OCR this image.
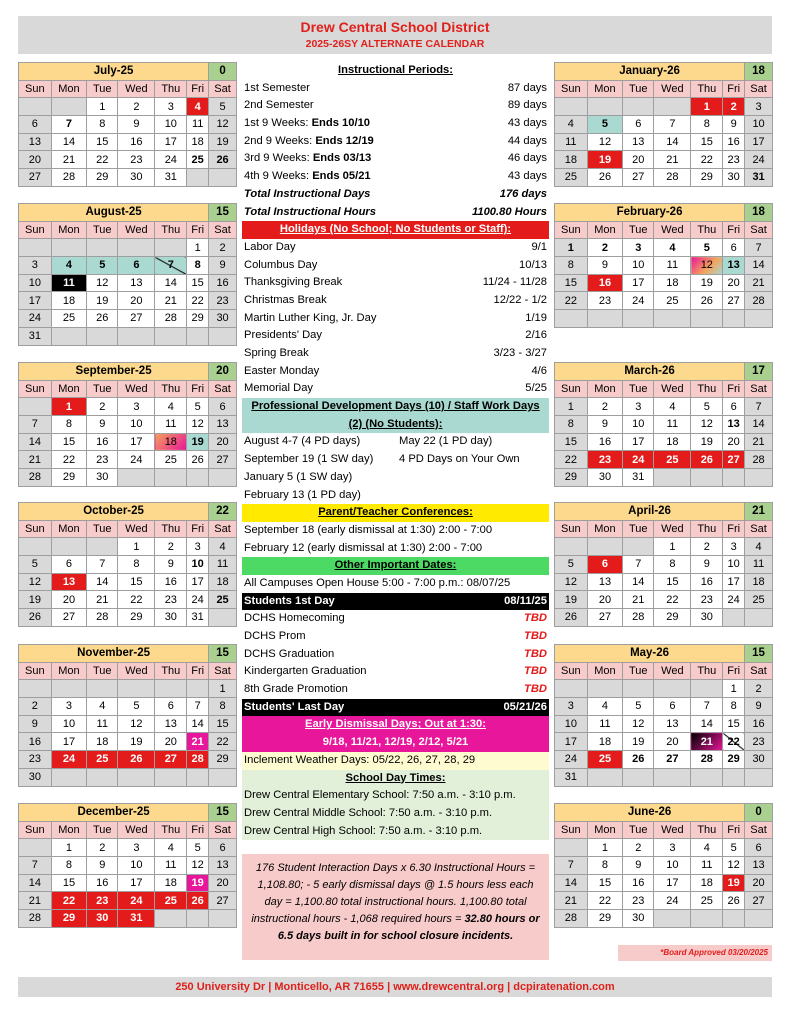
Drew Central School District
2025-26SY ALTERNATE CALENDAR
July-25						0
Sun	Mon	Tue	Wed	Thu	Fri	Sat
		1	2	3	4	5
6	7	8	9	10	11	12
13	14	15	16	17	18	19
20	21	22	23	24	25	26
27	28	29	30	31		
August-25						15
Sun	Mon	Tue	Wed	Thu	Fri	Sat
					1	2
3	4	5	6	7	8	9
10	11	12	13	14	15	16
17	18	19	20	21	22	23
24	25	26	27	28	29	30
31						
September-25						20
Sun	Mon	Tue	Wed	Thu	Fri	Sat
	1	2	3	4	5	6
7	8	9	10	11	12	13
14	15	16	17	18	19	20
21	22	23	24	25	26	27
28	29	30				
October-25						22
Sun	Mon	Tue	Wed	Thu	Fri	Sat
			1	2	3	4
5	6	7	8	9	10	11
12	13	14	15	16	17	18
19	20	21	22	23	24	25
26	27	28	29	30	31	
November-25						15
Sun	Mon	Tue	Wed	Thu	Fri	Sat
						1
2	3	4	5	6	7	8
9	10	11	12	13	14	15
16	17	18	19	20	21	22
23	24	25	26	27	28	29
30						
December-25						15
Sun	Mon	Tue	Wed	Thu	Fri	Sat
	1	2	3	4	5	6
7	8	9	10	11	12	13
14	15	16	17	18	19	20
21	22	23	24	25	26	27
28	29	30	31			
January-26						18
Sun	Mon	Tue	Wed	Thu	Fri	Sat
				1	2	3
4	5	6	7	8	9	10
11	12	13	14	15	16	17
18	19	20	21	22	23	24
25	26	27	28	29	30	31
February-26						18
Sun	Mon	Tue	Wed	Thu	Fri	Sat
1	2	3	4	5	6	7
8	9	10	11	12	13	14
15	16	17	18	19	20	21
22	23	24	25	26	27	28

March-26						17
Sun	Mon	Tue	Wed	Thu	Fri	Sat
1	2	3	4	5	6	7
8	9	10	11	12	13	14
15	16	17	18	19	20	21
22	23	24	25	26	27	28
29	30	31				
April-26						21
Sun	Mon	Tue	Wed	Thu	Fri	Sat
			1	2	3	4
5	6	7	8	9	10	11
12	13	14	15	16	17	18
19	20	21	22	23	24	25
26	27	28	29	30		
May-26						15
Sun	Mon	Tue	Wed	Thu	Fri	Sat
					1	2
3	4	5	6	7	8	9
10	11	12	13	14	15	16
17	18	19	20	21	22	23
24	25	26	27	28	29	30
31						
June-26						0
Sun	Mon	Tue	Wed	Thu	Fri	Sat
	1	2	3	4	5	6
7	8	9	10	11	12	13
14	15	16	17	18	19	20
21	22	23	24	25	26	27
28	29	30				
Instructional Periods:
1st Semester	87 days
2nd Semester	89 days
1st 9 Weeks: Ends 10/10	43 days
2nd 9 Weeks: Ends 12/19	44 days
3rd 9 Weeks: Ends 03/13	46 days
4th 9 Weeks: Ends 05/21	43 days
Total Instructional Days	176 days
Total Instructional Hours	1100.80 Hours
Holidays (No School; No Students or Staff):
Labor Day	9/1
Columbus Day	10/13
Thanksgiving Break	11/24 - 11/28
Christmas Break	12/22 - 1/2
Martin Luther King, Jr. Day	1/19
Presidents' Day	2/16
Spring Break	3/23 - 3/27
Easter Monday	4/6
Memorial Day	5/25
Professional Development Days (10) / Staff Work Days
(2) (No Students):
August 4-7 (4 PD days)	May 22 (1 PD day)
September 19 (1 SW day)	4 PD Days on Your Own
January 5 (1 SW day)
February 13 (1 PD day)
Parent/Teacher Conferences:
September 18 (early dismissal at 1:30) 2:00 - 7:00
February 12 (early dismissal at 1:30) 2:00 - 7:00
Other Important Dates:
All Campuses Open House 5:00 - 7:00 p.m.: 08/07/25
Students 1st Day	08/11/25
DCHS Homecoming	TBD
DCHS Prom	TBD
DCHS Graduation	TBD
Kindergarten Graduation	TBD
8th Grade Promotion	TBD
Students' Last Day	05/21/26
Early Dismissal Days; Out at 1:30:
9/18, 11/21, 12/19, 2/12, 5/21
Inclement Weather Days: 05/22, 26, 27, 28, 29
School Day Times:
Drew Central Elementary School: 7:50 a.m. - 3:10 p.m.
Drew Central Middle School: 7:50 a.m. - 3:10 p.m.
Drew Central High School: 7:50 a.m. - 3:10 p.m.
176 Student Interaction Days x 6.30 Instructional Hours = 1,108.80; - 5 early dismissal days @ 1.5 hours less each day = 1,100.80 total instructional hours. 1,100.80 total instructional hours - 1,068 required hours = 32.80 hours or 6.5 days built in for school closure incidents.
*Board Approved 03/20/2025
250 University Dr | Monticello, AR 71655 | www.drewcentral.org | dcpiratenation.com
